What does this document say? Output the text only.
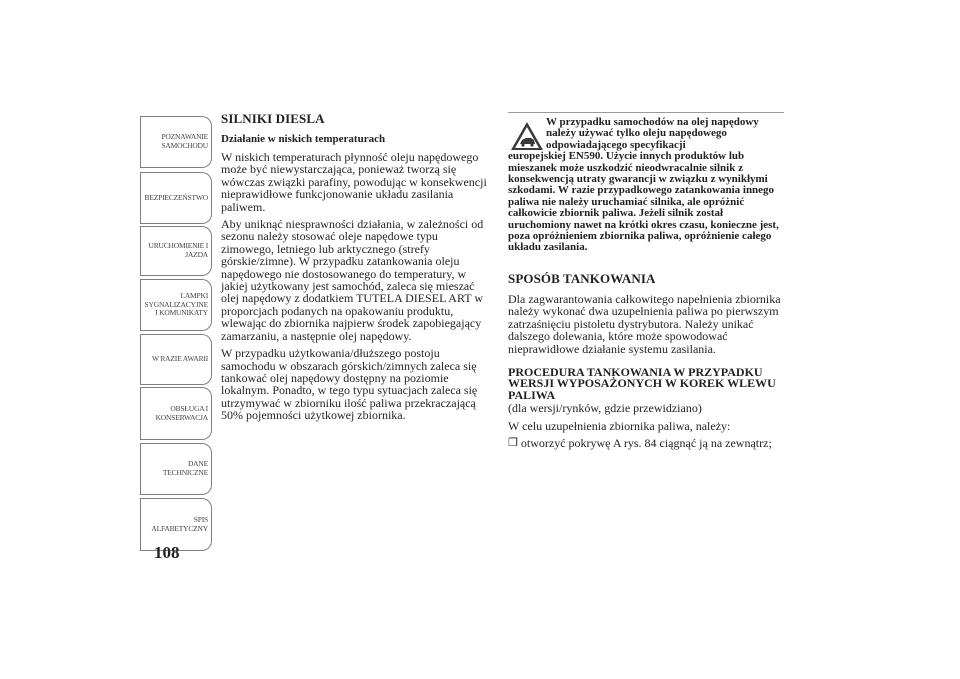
POZNAWANIE
SAMOCHODU
BEZPIECZEŃSTWO
URUCHOMIENIE I
JAZDA
LAMPKI
SYGNALIZACYJNE
I KOMUNIKATY
W RAZIE AWARII
OBSŁUGA I
KONSERWACJA
DANE
TECHNICZNE
SPIS
ALFABETYCZNY
108
SILNIKI DIESLA
Działanie w niskich temperaturach

W niskich temperaturach płynność oleju napędowego może być niewystarczająca, ponieważ tworzą się wówczas związki parafiny, powodując w konsekwencji nieprawidłowe funkcjonowanie układu zasilania paliwem.

Aby uniknąć niesprawności działania, w zależności od sezonu należy stosować oleje napędowe typu zimowego, letniego lub arktycznego (strefy górskie/zimne). W przypadku zatankowania oleju napędowego nie dostosowanego do temperatury, w jakiej użytkowany jest samochód, zaleca się mieszać olej napędowy z dodatkiem TUTELA DIESEL ART w proporcjach podanych na opakowaniu produktu, wlewając do zbiornika najpierw środek zapobiegający zamarzaniu, a następnie olej napędowy.

W przypadku użytkowania/dłuższego postoju samochodu w obszarach górskich/zimnych zaleca się tankować olej napędowy dostępny na poziomie lokalnym. Ponadto, w tego typu sytuacjach zaleca się utrzymywać w zbiorniku ilość paliwa przekraczającą 50% pojemności użytkowej zbiornika.

W przypadku samochodów na olej napędowy należy używać tylko oleju napędowego odpowiadającego specyfikacji
europejskiej EN590. Użycie innych produktów lub mieszanek może uszkodzić nieodwracalnie silnik z konsekwencją utraty gwarancji w związku z wynikłymi szkodami. W razie przypadkowego zatankowania innego paliwa nie należy uruchamiać silnika, ale opróżnić całkowicie zbiornik paliwa. Jeżeli silnik został uruchomiony nawet na krótki okres czasu, konieczne jest, poza opróżnieniem zbiornika paliwa, opróżnienie całego układu zasilania.

SPOSÓB TANKOWANIA

Dla zagwarantowania całkowitego napełnienia zbiornika należy wykonać dwa uzupełnienia paliwa po pierwszym zatrzaśnięciu pistoletu dystrybutora. Należy unikać dalszego dolewania, które może spowodować nieprawidłowe działanie systemu zasilania.

PROCEDURA TANKOWANIA W PRZYPADKU WERSJI WYPOSAŻONYCH W KOREK WLEWU PALIWA

(dla wersji/rynków, gdzie przewidziano)

W celu uzupełnienia zbiornika paliwa, należy:

❒ otworzyć pokrywę A rys. 84 ciągnąć ją na zewnątrz;
